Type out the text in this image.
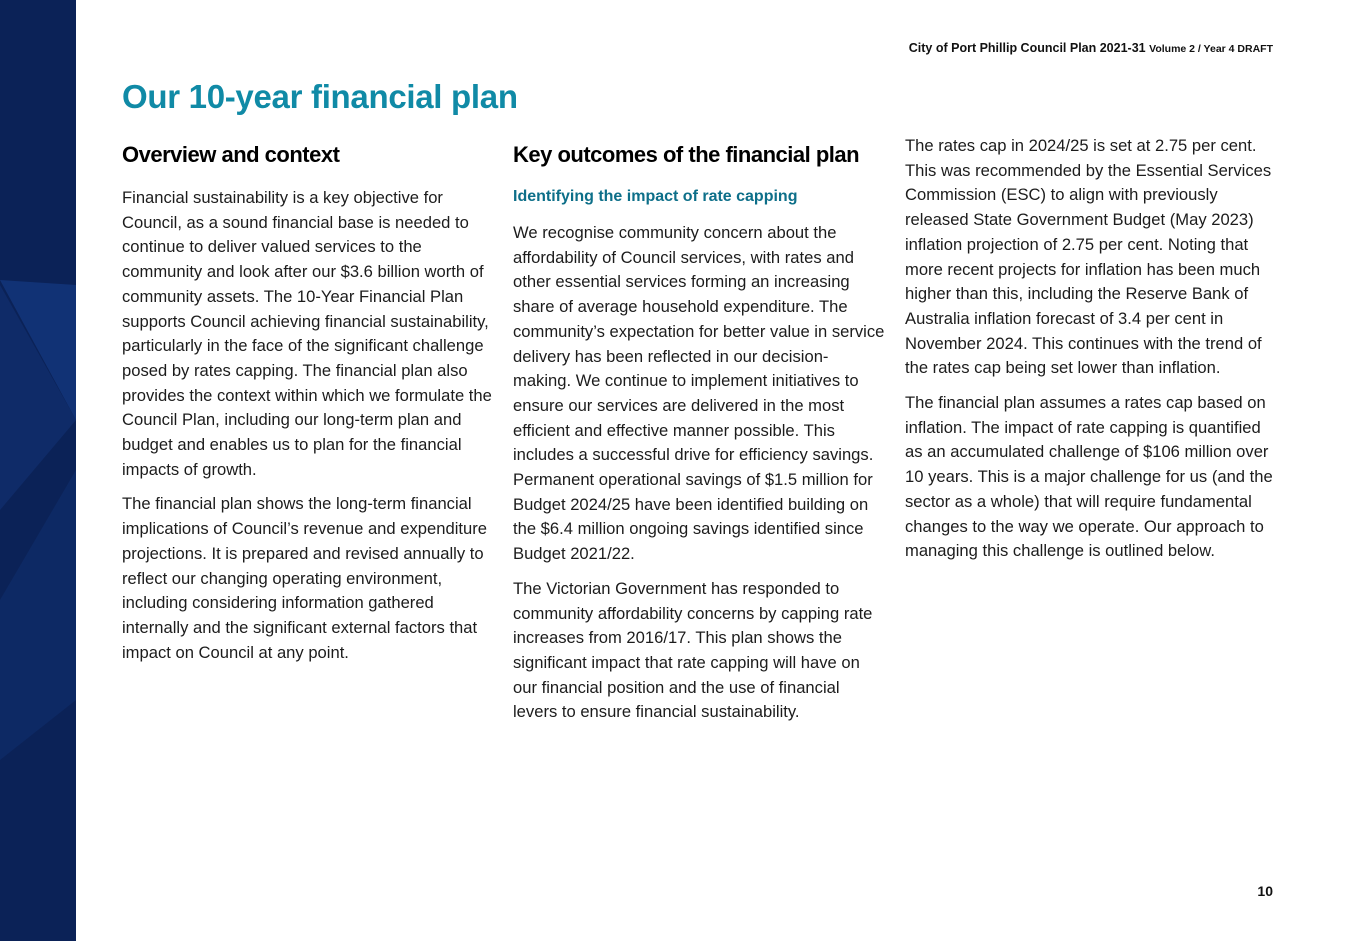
City of Port Phillip Council Plan 2021-31 Volume 2 / Year 4 DRAFT
Our 10-year financial plan
Overview and context

Financial sustainability is a key objective for Council, as a sound financial base is needed to continue to deliver valued services to the community and look after our $3.6 billion worth of community assets. The 10-Year Financial Plan supports Council achieving financial sustainability, particularly in the face of the significant challenge posed by rates capping. The financial plan also provides the context within which we formulate the Council Plan, including our long-term plan and budget and enables us to plan for the financial impacts of growth.

The financial plan shows the long-term financial implications of Council’s revenue and expenditure projections. It is prepared and revised annually to reflect our changing operating environment, including considering information gathered internally and the significant external factors that impact on Council at any point.

Key outcomes of the financial plan
Identifying the impact of rate capping

We recognise community concern about the affordability of Council services, with rates and other essential services forming an increasing share of average household expenditure. The community’s expectation for better value in service delivery has been reflected in our decision-making. We continue to implement initiatives to ensure our services are delivered in the most efficient and effective manner possible. This includes a successful drive for efficiency savings. Permanent operational savings of $1.5 million for Budget 2024/25 have been identified building on the $6.4 million ongoing savings identified since Budget 2021/22.

The Victorian Government has responded to community affordability concerns by capping rate increases from 2016/17. This plan shows the significant impact that rate capping will have on our financial position and the use of financial levers to ensure financial sustainability.

The rates cap in 2024/25 is set at 2.75 per cent. This was recommended by the Essential Services Commission (ESC) to align with previously released State Government Budget (May 2023) inflation projection of 2.75 per cent. Noting that more recent projects for inflation has been much higher than this, including the Reserve Bank of Australia inflation forecast of 3.4 per cent in November 2024. This continues with the trend of the rates cap being set lower than inflation.

The financial plan assumes a rates cap based on inflation. The impact of rate capping is quantified as an accumulated challenge of $106 million over 10 years. This is a major challenge for us (and the sector as a whole) that will require fundamental changes to the way we operate. Our approach to managing this challenge is outlined below.

10
